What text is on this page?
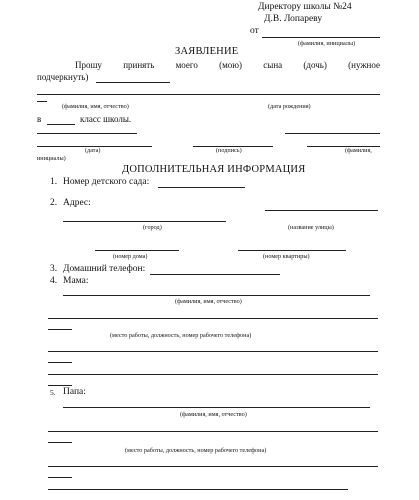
Директору школы №24
Д.В. Лопареву
от
(фамилия, инициалы)
ЗАЯВЛЕНИЕ
Прошу принять моего (мою) сына (дочь) (нужное
подчеркнуть)
(фамилия, имя, отчество)	(дата рождения)
в	класс школы.
(дата)	(подпись)	(фамилия,
инициалы)
ДОПОЛНИТЕЛЬНАЯ ИНФОРМАЦИЯ
1. Номер детского сада:
2. Адрес:
(город)	(название улицы)
(номер дома)	(номер квартиры)
3. Домашний телефон:
4. Мама:
(фамилия, имя, отчество)
(место работы, должность, номер рабочего телефона)
5. Папа:
(фамилия, имя, отчество)
(место работы, должность, номер рабочего телефона)
